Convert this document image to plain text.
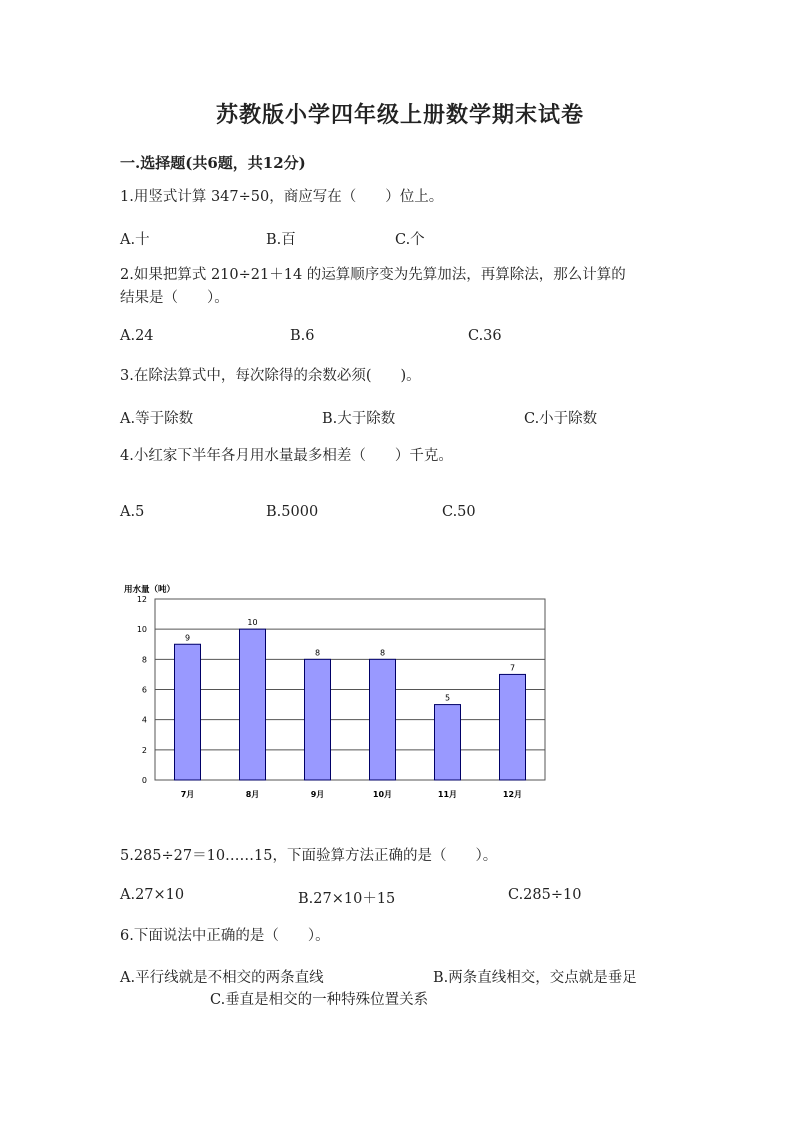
苏教版小学四年级上册数学期末试卷
一.选择题(共6题，共12分)
1.用竖式计算 347÷50，商应写在（　　）位上。
A.十	B.百	C.个
2.如果把算式 210÷21＋14 的运算顺序变为先算加法，再算除法，那么计算的
结果是（　　）。
A.24	B.6	C.36
3.在除法算式中，每次除得的余数必须(　　)。
A.等于除数	B.大于除数	C.小于除数
4.小红家下半年各月用水量最多相差（　　）千克。
A.5	B.5000	C.50
用水量（吨）
0
2
4
6
8
10
12
9
7月
10
8月
8
9月
8
10月
5
11月
7
12月
5.285÷27＝10……15，下面验算方法正确的是（　　）。
A.27×10	B.27×10＋15	C.285÷10
6.下面说法中正确的是（　　）。
A.平行线就是不相交的两条直线	B.两条直线相交，交点就是垂足
C.垂直是相交的一种特殊位置关系
